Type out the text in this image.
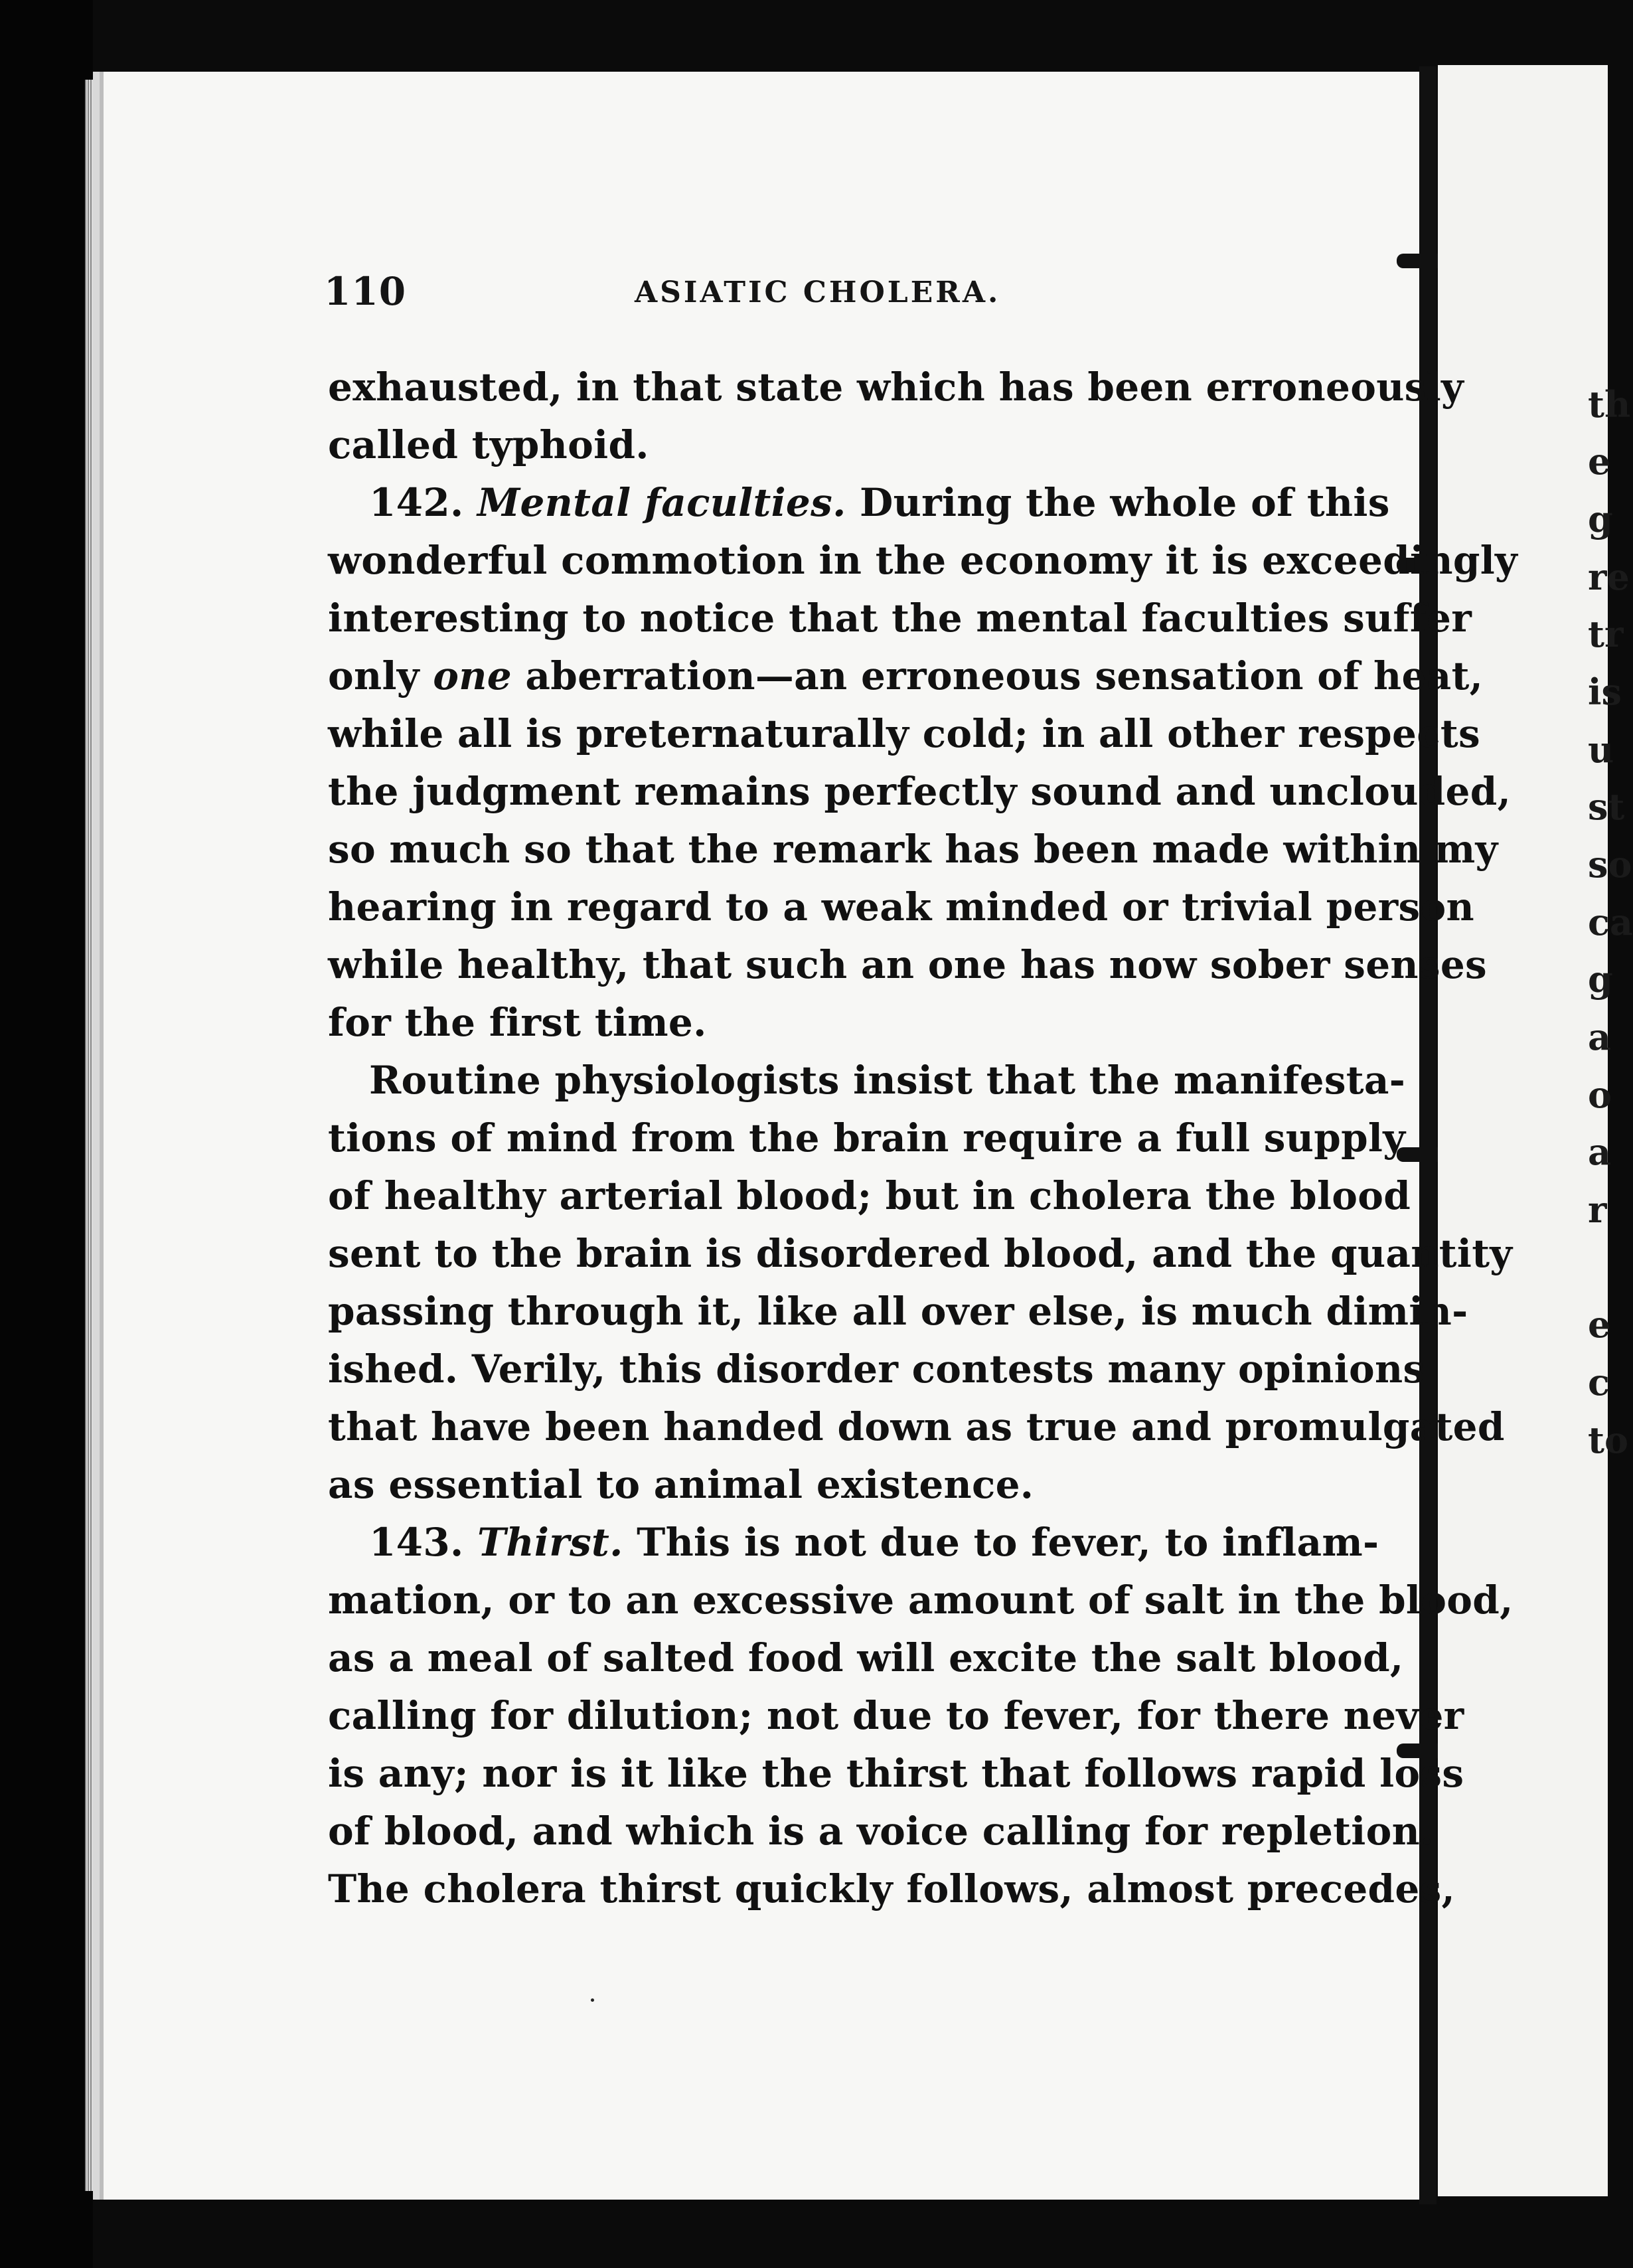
th
e
g
re
tr
is
u
st
so
ca
g
a
o
a
r
e
c
to
110	ASIATIC CHOLERA.
exhausted, in that state which has been erroneously
called typhoid.
142. Mental faculties. During the whole of this
wonderful commotion in the economy it is exceedingly
interesting to notice that the mental faculties suffer
only one aberration—an erroneous sensation of heat,
while all is preternaturally cold; in all other respects
the judgment remains perfectly sound and unclouded,
so much so that the remark has been made within my
hearing in regard to a weak minded or trivial person
while healthy, that such an one has now sober senses
for the first time.
Routine physiologists insist that the manifesta-
tions of mind from the brain require a full supply
of healthy arterial blood; but in cholera the blood
sent to the brain is disordered blood, and the quantity
passing through it, like all over else, is much dimin-
ished. Verily, this disorder contests many opinions
that have been handed down as true and promulgated
as essential to animal existence.
143. Thirst. This is not due to fever, to inflam-
mation, or to an excessive amount of salt in the blood,
as a meal of salted food will excite the salt blood,
calling for dilution; not due to fever, for there never
is any; nor is it like the thirst that follows rapid loss
of blood, and which is a voice calling for repletion.
The cholera thirst quickly follows, almost precedes,
